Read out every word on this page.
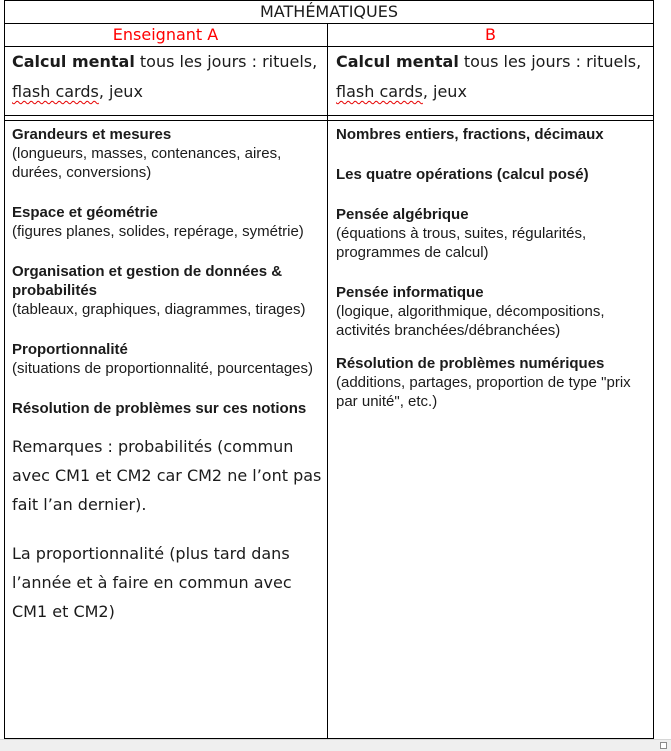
MATHÉMATIQUES
Enseignant A	B
Calcul mental tous les jours : rituels,
flash cards, jeux
Calcul mental tous les jours : rituels,
flash cards, jeux
Grandeurs et mesures
(longueurs, masses, contenances, aires, durées, conversions)
Espace et géométrie
(figures planes, solides, repérage, symétrie)
Organisation et gestion de données & probabilités
(tableaux, graphiques, diagrammes, tirages)
Proportionnalité
(situations de proportionnalité, pourcentages)
Résolution de problèmes sur ces notions

Remarques : probabilités (commun avec CM1 et CM2 car CM2 ne l’ont pas fait l’an dernier).

La proportionnalité (plus tard dans l’année et à faire en commun avec CM1 et CM2)

Nombres entiers, fractions, décimaux
Les quatre opérations (calcul posé)
Pensée algébrique
(équations à trous, suites, régularités, programmes de calcul)
Pensée informatique
(logique, algorithmique, décompositions, activités branchées/débranchées)
Résolution de problèmes numériques
(additions, partages, proportion de type "prix par unité", etc.)
